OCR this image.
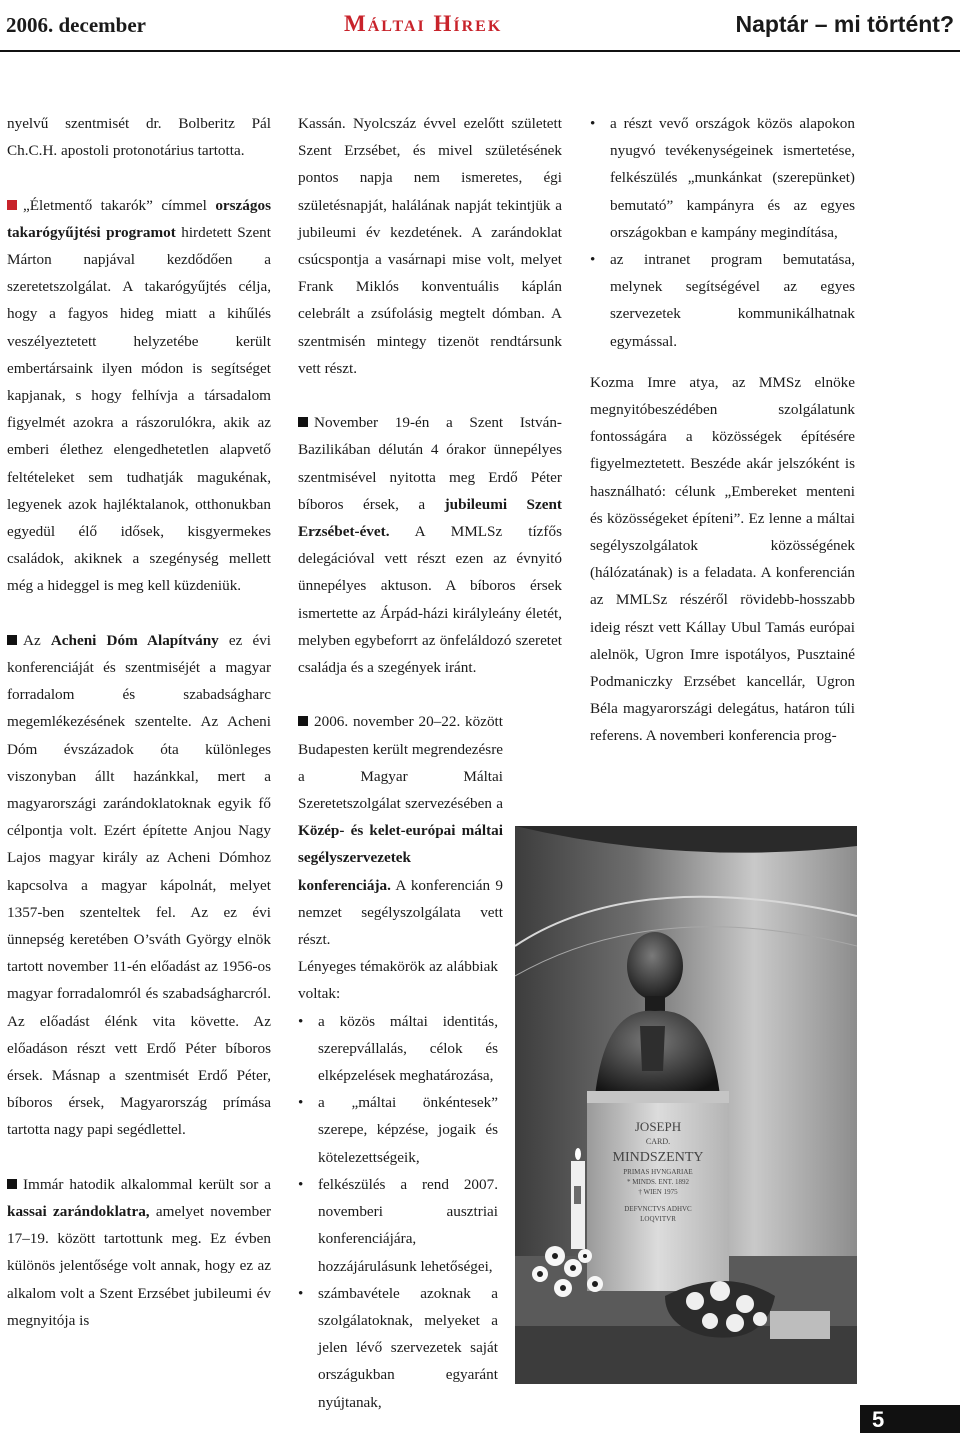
2006. december	Máltai Hírek	Naptár – mi történt?

nyelvű szentmisét dr. Bolberitz Pál Ch.C.H. apostoli protonotárius tartotta.

„Életmentő takarók” címmel országos takarógyűjtési programot hirdetett Szent Márton napjával kezdődően a szeretetszolgálat. A takarógyűjtés célja, hogy a fagyos hideg miatt a kihűlés veszélyeztetett helyzetébe került embertársaink ilyen módon is segítséget kapjanak, s hogy felhívja a társadalom figyelmét azokra a rászorulókra, akik az emberi élethez elengedhetetlen alapvető feltételeket sem tudhatják magukénak, legyenek azok hajléktalanok, otthonukban egyedül élő idősek, kisgyermekes családok, akiknek a szegénység mellett még a hideggel is meg kell küzdeniük.

Az Acheni Dóm Alapítvány ez évi konferenciáját és szentmiséjét a magyar forradalom és szabadságharc megemlékezésének szentelte. Az Acheni Dóm évszázadok óta különleges viszonyban állt hazánkkal, mert a magyarországi zarándoklatoknak egyik fő célpontja volt. Ezért építette Anjou Nagy Lajos magyar király az Acheni Dómhoz kapcsolva a magyar kápolnát, melyet 1357-ben szenteltek fel. Az ez évi ünnepség keretében O’sváth György elnök tartott november 11-én előadást az 1956-os magyar forradalomról és szabadságharcról. Az előadást élénk vita követte. Az előadáson részt vett Erdő Péter bíboros érsek. Másnap a szentmisét Erdő Péter, bíboros érsek, Magyarország prímása tartotta nagy papi segédlettel.

Immár hatodik alkalommal került sor a kassai zarándoklatra, amelyet november 17–19. között tartottunk meg. Ez évben különös jelentősége volt annak, hogy ez az alkalom volt a Szent Erzsébet jubileumi év megnyitója is

Kassán. Nyolcszáz évvel ezelőtt született Szent Erzsébet, és mivel születésének pontos napja nem ismeretes, égi születésnapját, halálának napját tekintjük a jubileumi év kezdetének. A zarándoklat csúcspontja a vasárnapi mise volt, melyet Frank Miklós konventuális káplán celebrált a zsúfolásig megtelt dómban. A szentmisén mintegy tizenöt rendtársunk vett részt.

November 19-én a Szent István-Bazilikában délután 4 órakor ünnepélyes szentmisével nyitotta meg Erdő Péter bíboros érsek, a jubileumi Szent Erzsébet-évet. A MMLSz tízfős delegációval vett részt ezen az évnyitó ünnepélyes aktuson. A bíboros érsek ismertette az Árpád-házi királyleány életét, melyben egybeforrt az önfeláldozó szeretet családja és a szegények iránt.

2006. november 20–22. között Budapesten került megrendezésre a Magyar Máltai Szeretetszolgálat szervezésében a Közép- és kelet-európai máltai segélyszervezetek konferenciája. A konferencián 9 nemzet segélyszolgálata vett részt.

Lényeges témakörök az alábbiak voltak:

• a közös máltai identitás, szerepvállalás, célok és elképzelések meghatározása,
• a „máltai önkéntesek” szerepe, képzése, jogaik és kötelezettségeik,
• felkészülés a rend 2007. novemberi ausztriai konferenciájára, hozzájárulásunk lehetőségei,
• számbavétele azoknak a szolgálatoknak, melyeket a jelen lévő szervezetek saját országukban egyaránt nyújtanak,
• a részt vevő országok közös alapokon nyugvó tevékenységeinek ismertetése, felkészülés „munkánkat (szerepünket) bemutató” kampányra és az egyes országokban e kampány megindítása,
• az intranet program bemutatása, melynek segítségével az egyes szervezetek kommunikálhatnak egymással.

Kozma Imre atya, az MMSz elnöke megnyitóbeszédében szolgálatunk fontosságára a közösségek építésére figyelmeztetett. Beszéde akár jelszóként is használható: célunk „Embereket menteni és közösségeket építeni”. Ez lenne a máltai segélyszolgálatok közösségének (hálózatának) is a feladata. A konferencián az MMLSz részéről rövidebb-hosszabb ideig részt vett Kállay Ubul Tamás európai alelnök, Ugron Imre ispotályos, Pusztainé Podmaniczky Erzsébet kancellár, Ugron Béla magyarországi delegátus, határon túli referens. A novemberi konferencia prog-

JOSEPH
CARD.
MINDSZENTY
PRIMAS HVNGARIAE
* MINDS. ENT. 1892
† WIEN 1975
DEFVNCTVS ADHVC
LOQVITVR
5
